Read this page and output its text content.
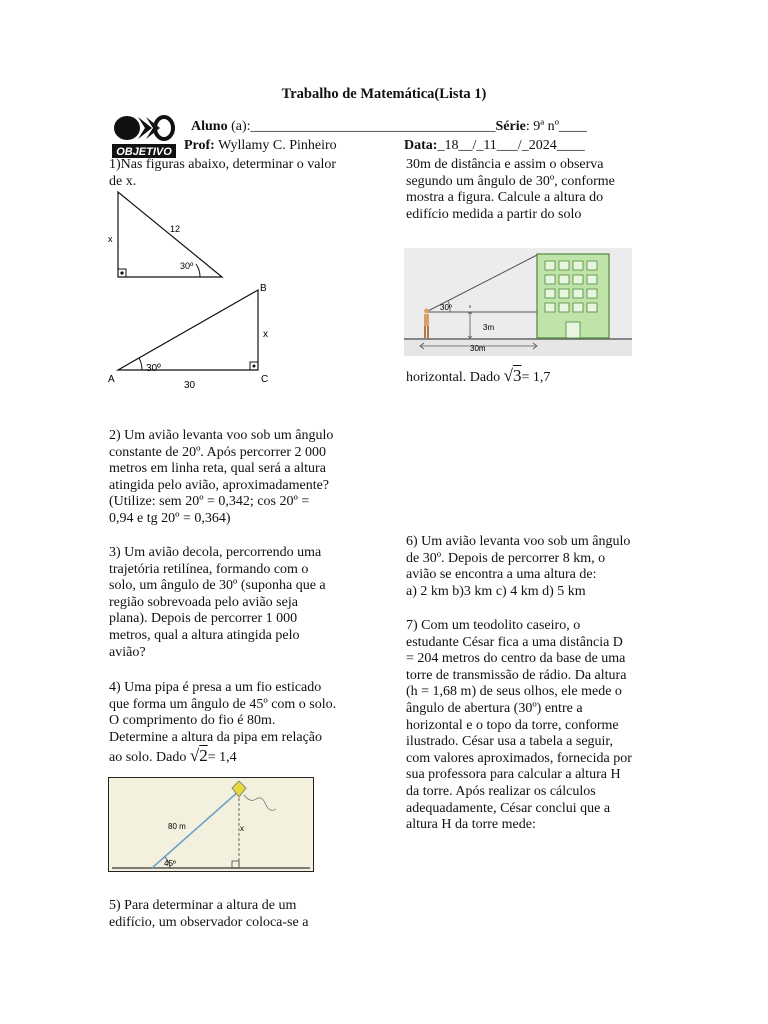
Trabalho de Matemática(Lista 1)
OBJETIVO
Aluno (a):___________________________________Série: 9ª nº____
Prof: Wyllamy C. Pinheiro	Data:_18__/_11___/_2024____

1)Nas figuras abaixo, determinar o valor

de x.

x
12
30º
B
A	C
x
30º
30

2) Um avião levanta voo sob um ângulo

constante de 20º. Após percorrer 2 000

metros em linha reta, qual será a altura

atingida pelo avião, aproximadamente?

(Utilize: sem 20º = 0,342; cos 20º =

0,94 e tg 20º = 0,364)

3) Um avião decola, percorrendo uma

trajetória retilínea, formando com o

solo, um ângulo de 30º (suponha que a

região sobrevoada pelo avião seja

plana). Depois de percorrer 1 000

metros, qual a altura atingida pelo

avião?

4) Uma pipa é presa a um fio esticado

que forma um ângulo de 45º com o solo.

O comprimento do fio é 80m.

Determine a altura da pipa em relação

ao solo. Dado √2= 1,4

80 m	x
45º

5) Para determinar a altura de um

edifício, um observador coloca-se a

30m de distância e assim o observa

segundo um ângulo de 30º, conforme

mostra a figura. Calcule a altura do

edifício medida a partir do solo

30º
3m
30m
horizontal. Dado √3= 1,7

6) Um avião levanta voo sob um ângulo

de 30º. Depois de percorrer 8 km, o

avião se encontra a uma altura de:

a) 2 km b)3 km c) 4 km d) 5 km

7) Com um teodolito caseiro, o

estudante César fica a uma distância D

= 204 metros do centro da base de uma

torre de transmissão de rádio. Da altura

(h = 1,68 m) de seus olhos, ele mede o

ângulo de abertura (30º) entre a

horizontal e o topo da torre, conforme

ilustrado. César usa a tabela a seguir,

com valores aproximados, fornecida por

sua professora para calcular a altura H

da torre. Após realizar os cálculos

adequadamente, César conclui que a

altura H da torre mede:
